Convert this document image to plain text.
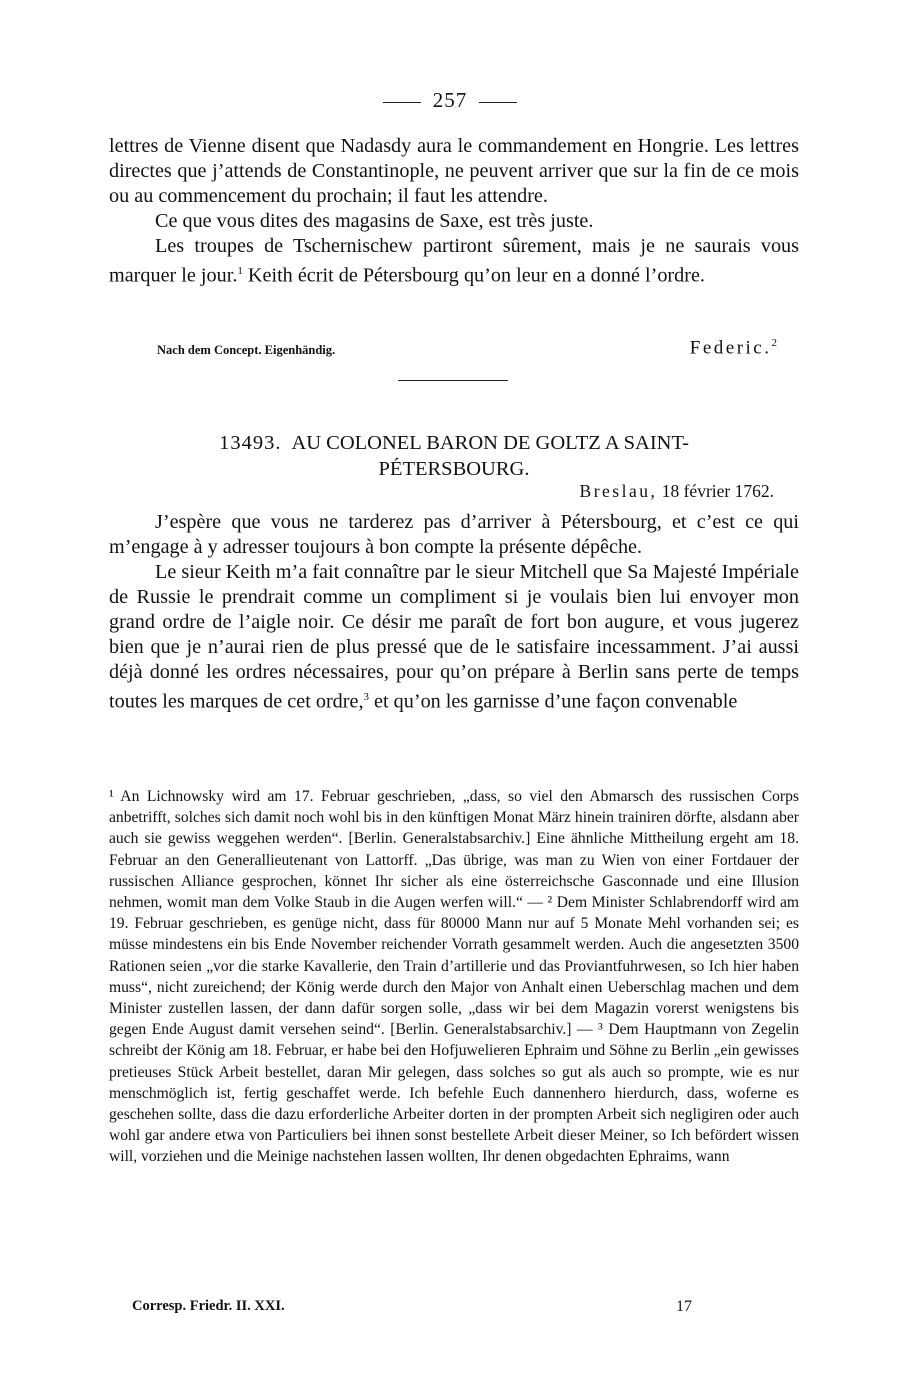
257

lettres de Vienne disent que Nadasdy aura le commandement en Hongrie. Les lettres directes que j’attends de Constantinople, ne peuvent arriver que sur la fin de ce mois ou au commencement du prochain; il faut les attendre.

Ce que vous dites des magasins de Saxe, est très juste.

Les troupes de Tschernischew partiront sûrement, mais je ne saurais vous marquer le jour.$^1$ Keith écrit de Pétersbourg qu’on leur en a donné l’ordre.

Nach dem Concept. Eigenhändig.	Federic.$^2$
13493. AU COLONEL BARON DE GOLTZ A SAINT-
PÉTERSBOURG.
Breslau, 18 février 1762.

J’espère que vous ne tarderez pas d’arriver à Pétersbourg, et c’est ce qui m’engage à y adresser toujours à bon compte la présente dépêche.

Le sieur Keith m’a fait connaître par le sieur Mitchell que Sa Majesté Impériale de Russie le prendrait comme un compliment si je voulais bien lui envoyer mon grand ordre de l’aigle noir. Ce désir me paraît de fort bon augure, et vous jugerez bien que je n’aurai rien de plus pressé que de le satisfaire incessamment. J’ai aussi déjà donné les ordres nécessaires, pour qu’on prépare à Berlin sans perte de temps toutes les marques de cet ordre,$^3$ et qu’on les garnisse d’une façon convenable

¹ An Lichnowsky wird am 17. Februar geschrieben, „dass, so viel den Abmarsch des russischen Corps anbetrifft, solches sich damit noch wohl bis in den künftigen Monat März hinein trainiren dörfte, alsdann aber auch sie gewiss weggehen werden“. [Berlin. Generalstabsarchiv.] Eine ähnliche Mittheilung ergeht am 18. Februar an den Generallieutenant von Lattorff. „Das übrige, was man zu Wien von einer Fortdauer der russischen Alliance gesprochen, könnet Ihr sicher als eine österreichsche Gasconnade und eine Illusion nehmen, womit man dem Volke Staub in die Augen werfen will.“ — ² Dem Minister Schlabrendorff wird am 19. Februar geschrieben, es genüge nicht, dass für 80000 Mann nur auf 5 Monate Mehl vorhanden sei; es müsse mindestens ein bis Ende November reichender Vorrath gesammelt werden. Auch die angesetzten 3500 Rationen seien „vor die starke Kavallerie, den Train d’artillerie und das Proviantfuhrwesen, so Ich hier haben muss“, nicht zureichend; der König werde durch den Major von Anhalt einen Ueberschlag machen und dem Minister zustellen lassen, der dann dafür sorgen solle, „dass wir bei dem Magazin vorerst wenigstens bis gegen Ende August damit versehen seind“. [Berlin. Generalstabsarchiv.] — ³ Dem Hauptmann von Zegelin schreibt der König am 18. Februar, er habe bei den Hofjuwelieren Ephraim und Söhne zu Berlin „ein gewisses pretieuses Stück Arbeit bestellet, daran Mir gelegen, dass solches so gut als auch so prompte, wie es nur menschmöglich ist, fertig geschaffet werde. Ich befehle Euch dannenhero hierdurch, dass, woferne es geschehen sollte, dass die dazu erforderliche Arbeiter dorten in der prompten Arbeit sich negligiren oder auch wohl gar andere etwa von Particuliers bei ihnen sonst bestellete Arbeit dieser Meiner, so Ich befördert wissen will, vorziehen und die Meinige nachstehen lassen wollten, Ihr denen obgedachten Ephraims, wann

Corresp. Friedr. II. XXI.	17
